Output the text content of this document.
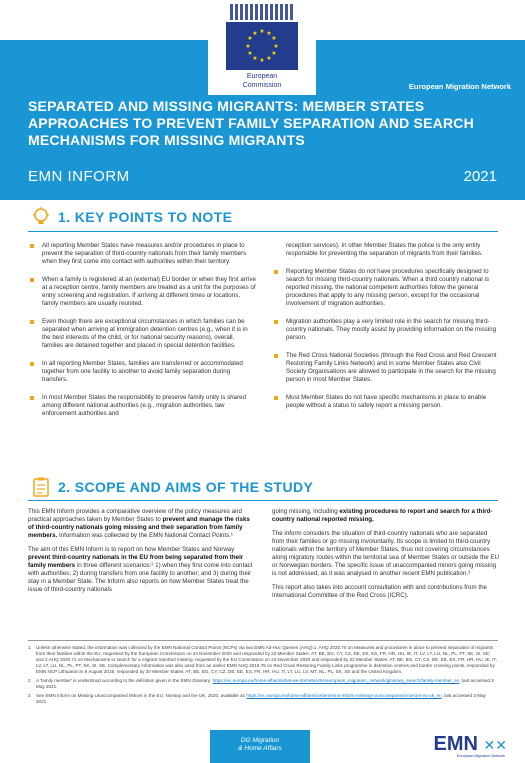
★ ★
★
★
★
★
★
★
★
★
★
★
European
Commission	European Migration Network
SEPARATED AND MISSING MIGRANTS: MEMBER STATES APPROACHES TO PREVENT FAMILY SEPARATION AND SEARCH MECHANISMS FOR MISSING MIGRANTS
EMN INFORM	2021
1. KEY POINTS TO NOTE
All reporting Member States have measures and/or procedures in place to prevent the separation of third-country nationals from their family members when they first come into contact with authorities within their territory.
When a family is registered at an (external) EU border or when they first arrive at a reception centre, family members are treated as a unit for the purposes of entry screening and registration. If arriving at different times or locations, family members are usually reunited.
Even though there are exceptional circumstances in which families can be separated when arriving at immigration detention centres (e.g., when it is in the best interests of the child, or for national security reasons), overall, families are detained together and placed in special detention facilities.
In all reporting Member States, families are transferred or accommodated together from one facility to another to avoid family separation during transfers.
In most Member States the responsibility to preserve family unity is shared among different national authorities (e.g., migration authorities, law enforcement authorities and
reception services). In other Member States the police is the only entity responsible for preventing the separation of migrants from their families.
Reporting Member States do not have procedures specifically designed to search for missing third-country nationals. When a third country national is reported missing, the national competent authorities follow the general procedures that apply to any missing person, except for the occasional involvement of migration authorities.
Migration authorities play a very limited role in the search for missing third-country nationals. They mostly assist by providing information on the missing person.
The Red Cross National Societies (through the Red Cross and Red Crescent Restoring Family Links Network) and in some Member States also Civil Society Organisations are allowed to participate in the search for the missing person in most Member States.
Most Member States do not have specific mechanisms in place to enable people without a status to safely report a missing person.
2. SCOPE AND AIMS OF THE STUDY

This EMN Inform provides a comparative overview of the policy measures and practical approaches taken by Member States to prevent and manage the risks of third-country nationals going missing and their separation from family members. Information was collected by the EMN National Contact Points.¹

The aim of this EMN Inform is to report on how Member States and Norway prevent third-country nationals in the EU from being separated from their family members in three different scenarios:² 1) when they first come into contact with authorities; 2) during transfers from one facility to another; and 3) during their stay in a Member State. The Inform also reports on how Member States treat the issue of third-country nationals

going missing, including existing procedures to report and search for a third-country national reported missing.

The inform considers the situation of third-country nationals who are separated from their families or go missing involuntarily. Its scope is limited to third-country nationals within the territory of Member States, thus not covering circumstances along migratory routes within the territorial sea of Member States or outside the EU or Norwegian borders. The specific issue of unaccompanied minors going missing is not addressed, as it was analysed in another recent EMN publication.³

This report also takes into account consultation with and contributions from the International Committee of the Red Cross (ICRC).

1 Unless otherwise stated, the information was collected by the EMN National Contact Points (NCPs) via two EMN Ad-Hoc Queries (AHQ):1. AHQ 2020.70 on Measures and procedures in place to prevent separation of migrants from their families within the EU, requested by the European Commission on 24 November 2020 and responded by 22 Member States: AT, BE, BG, CY, CZ, DE, EE, ES, FR, HR, HU, IE, IT, LV, LT, LU, NL, PL, PT, SK, SI, SE; and 2.AHQ 2020.71 on Mechanisms to search for a migrant reported missing, requested by the EU Commission on 24 November 2020 and responded by 22 Member States: AT, BE, BG, CY, CZ, DE, EE, ES, FR, HR, HU, IE, IT, LV, LT, LU, NL, PL, PT, SK, SI, SE. Complementary information was also used from an earlier EMN AHQ 2019.78 on Red Cross Restoring Family Links programme in detention centres and border crossing points, responded by EMN NCP Lithuania on 9 August 2019, responded by 20 Member States: AT, BE, BG, CY, CZ, DE, EE, ES, FR, HR, HU, IT, LT, LU, LV, MT, NL, PL, SK, SE and the United Kingdom.
2 A 'family member' is understood according to the definition given in the EMN Glossary: https://ec.europa.eu/home-affairs/what-we-do/networks/european_migration_network/glossary_search/family-member_en, last accessed 3 May 2021.
3 See EMN Inform on Missing Unaccompanied Minors in the EU, Norway and the UK, 2020, available at: https://ec.europa.eu/home-affairs/content/emn-inform-missing-unaccompanied-minors-eu-uk_en, last accessed 3 May 2021.
DG Migration
& Home Affairs	EMN ✕✕
European Migration Network
